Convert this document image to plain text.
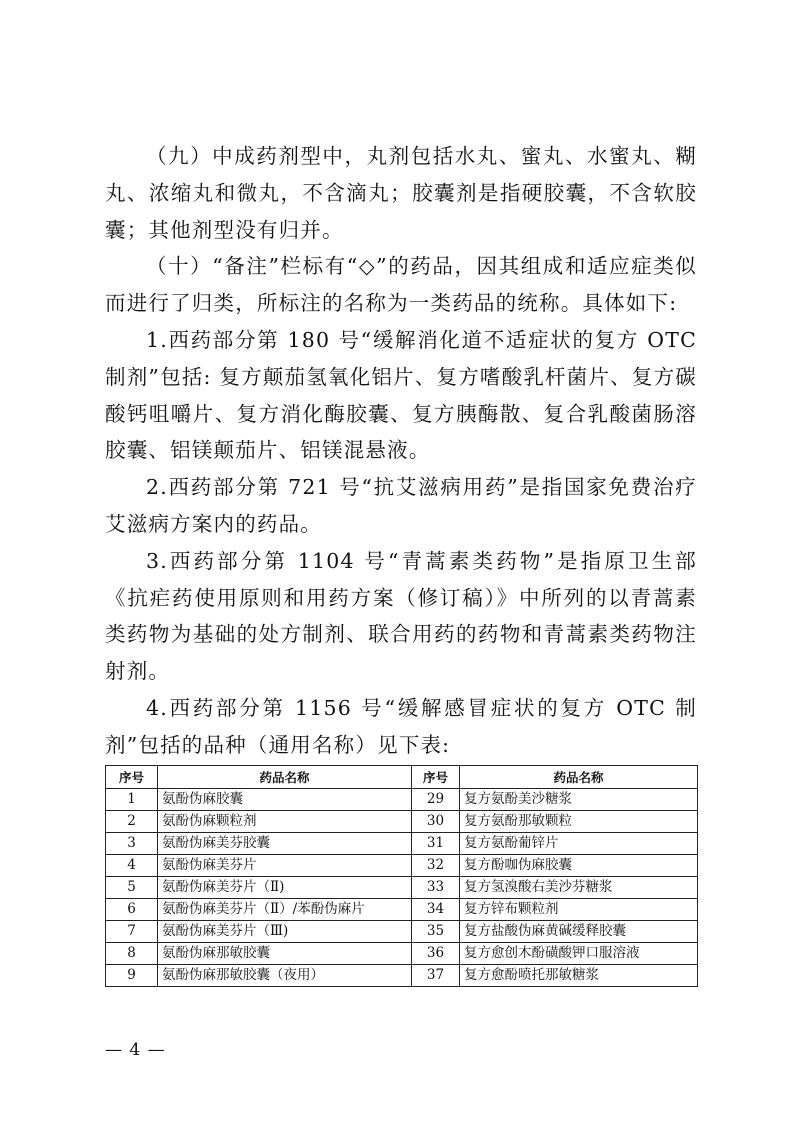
（九）中成药剂型中，丸剂包括水丸、蜜丸、水蜜丸、糊丸、浓缩丸和微丸，不含滴丸；胶囊剂是指硬胶囊，不含软胶囊；其他剂型没有归并。

（十）“备注”栏标有“◇”的药品，因其组成和适应症类似而进行了归类，所标注的名称为一类药品的统称。具体如下:

1.西药部分第 180 号“缓解消化道不适症状的复方 OTC 制剂”包括: 复方颠茄氢氧化铝片、复方嗜酸乳杆菌片、复方碳酸钙咀嚼片、复方消化酶胶囊、复方胰酶散、复合乳酸菌肠溶胶囊、铝镁颠茄片、铝镁混悬液。

2.西药部分第 721 号“抗艾滋病用药”是指国家免费治疗艾滋病方案内的药品。

3.西药部分第 1104 号“青蒿素类药物”是指原卫生部《抗疟药使用原则和用药方案（修订稿）》中所列的以青蒿素类药物为基础的处方制剂、联合用药的药物和青蒿素类药物注射剂。

4.西药部分第 1156 号“缓解感冒症状的复方 OTC 制剂”包括的品种（通用名称）见下表:

序号	药品名称	序号	药品名称
1	氨酚伪麻胶囊	29	复方氨酚美沙糖浆
2	氨酚伪麻颗粒剂	30	复方氨酚那敏颗粒
3	氨酚伪麻美芬胶囊	31	复方氨酚葡锌片
4	氨酚伪麻美芬片	32	复方酚咖伪麻胶囊
5	氨酚伪麻美芬片（Ⅱ)	33	复方氢溴酸右美沙芬糖浆
6	氨酚伪麻美芬片（Ⅱ）/苯酚伪麻片	34	复方锌布颗粒剂
7	氨酚伪麻美芬片（Ⅲ)	35	复方盐酸伪麻黄碱缓释胶囊
8	氨酚伪麻那敏胶囊	36	复方愈创木酚磺酸钾口服溶液
9	氨酚伪麻那敏胶囊（夜用）	37	复方愈酚喷托那敏糖浆
— 4 —
